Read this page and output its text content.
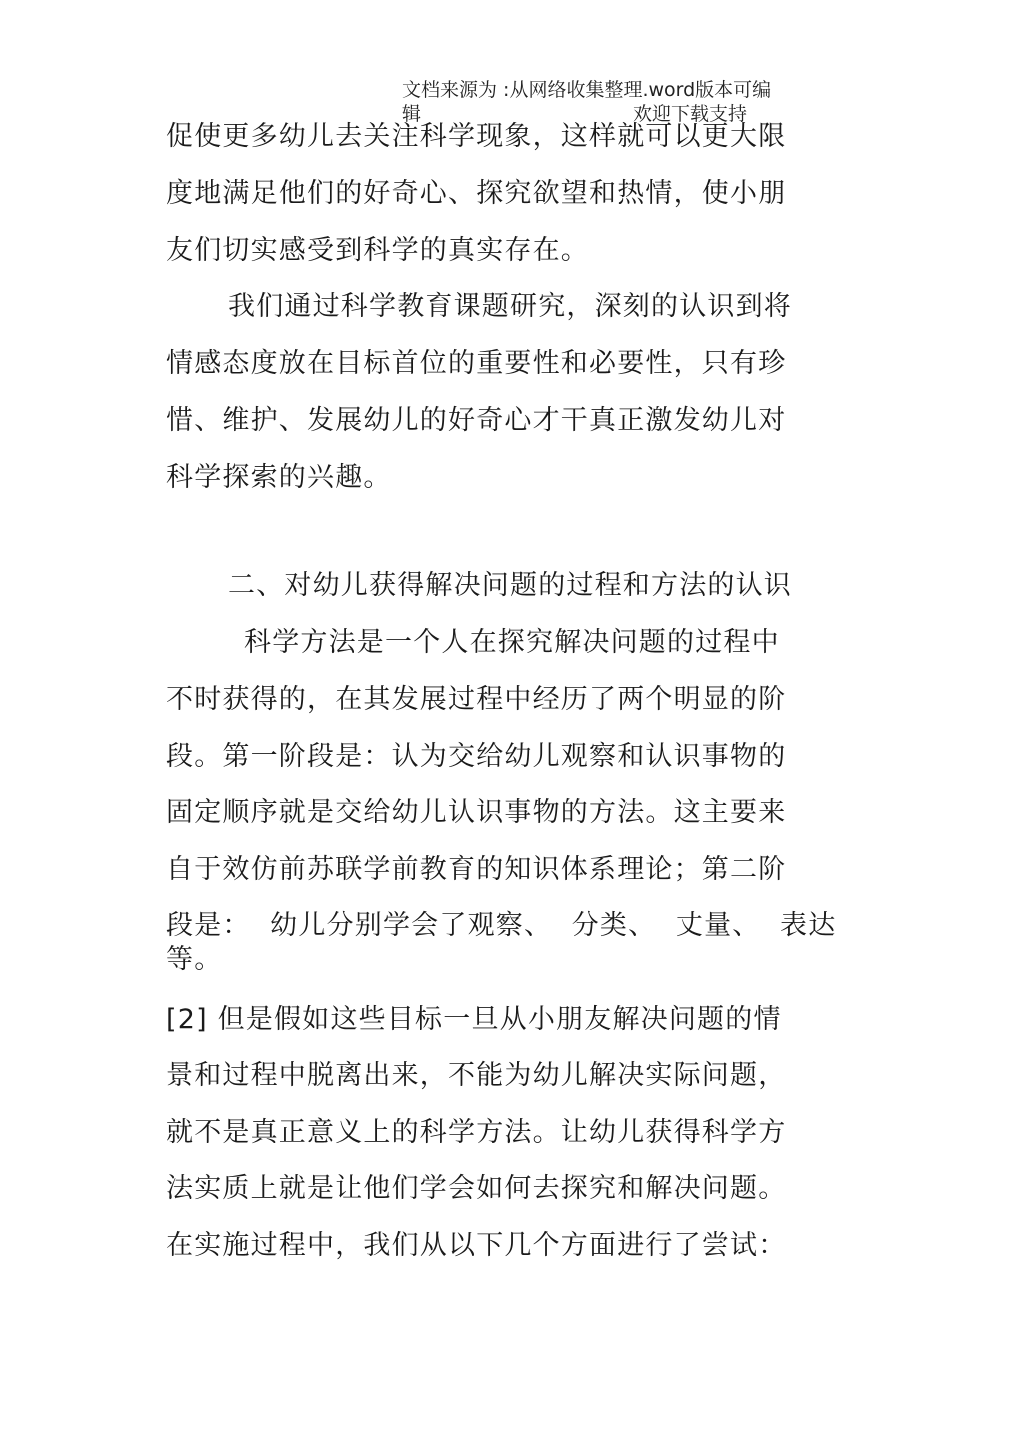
文档来源为 :从网络收集整理.word版本可编
辑	欢迎下载支持
促使更多幼儿去关注科学现象，这样就可以更大限
度地满足他们的好奇心、探究欲望和热情，使小朋
友们切实感受到科学的真实存在。
我们通过科学教育课题研究，深刻的认识到将
情感态度放在目标首位的重要性和必要性，只有珍
惜、维护、发展幼儿的好奇心才干真正激发幼儿对
科学探索的兴趣。
二、对幼儿获得解决问题的过程和方法的认识
科学方法是一个人在探究解决问题的过程中
不时获得的，在其发展过程中经历了两个明显的阶
段。第一阶段是：认为交给幼儿观察和认识事物的
固定顺序就是交给幼儿认识事物的方法。这主要来
自于效仿前苏联学前教育的知识体系理论；第二阶
段是：  幼儿分别学会了观察、  分类、  丈量、  表达
等。
[2] 但是假如这些目标一旦从小朋友解决问题的情
景和过程中脱离出来，不能为幼儿解决实际问题，
就不是真正意义上的科学方法。让幼儿获得科学方
法实质上就是让他们学会如何去探究和解决问题。
在实施过程中，我们从以下几个方面进行了尝试：
